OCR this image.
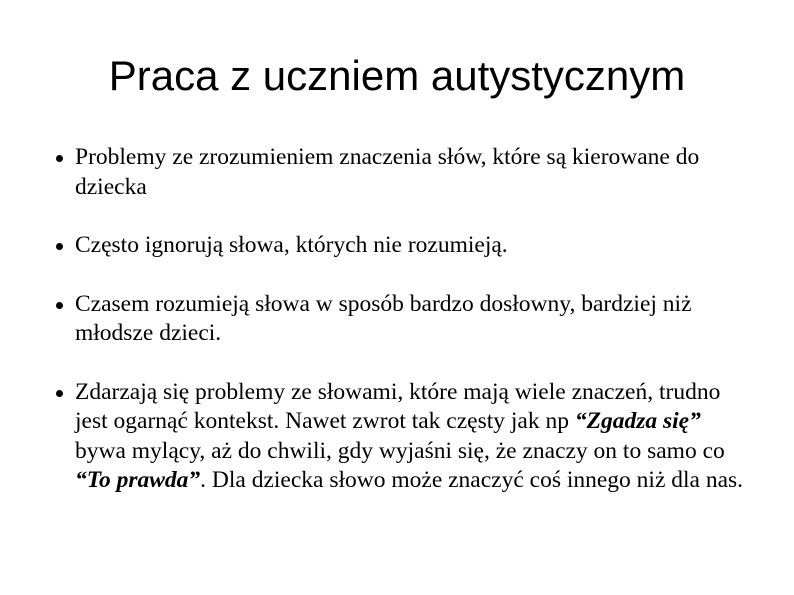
Praca z uczniem autystycznym
Problemy ze zrozumieniem znaczenia słów, które są kierowane do dziecka
Często ignorują słowa, których nie rozumieją.
Czasem rozumieją słowa w sposób bardzo dosłowny, bardziej niż młodsze dzieci.
Zdarzają się problemy ze słowami, które mają wiele znaczeń, trudno jest ogarnąć kontekst. Nawet zwrot tak częsty jak np “Zgadza się” bywa mylący, aż do chwili, gdy wyjaśni się, że znaczy on to samo co “To prawda”. Dla dziecka słowo może znaczyć coś innego niż dla nas.
